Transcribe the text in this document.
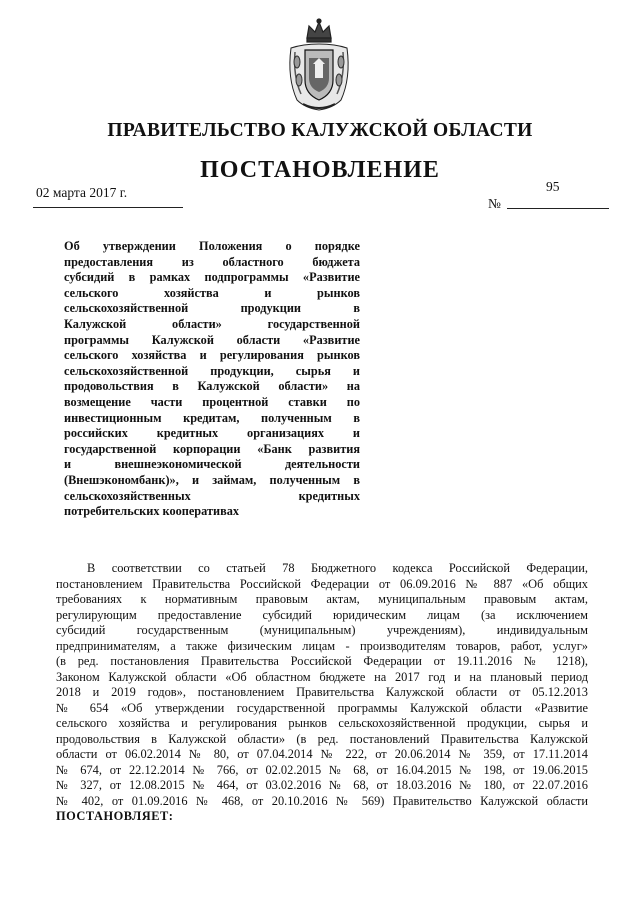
ПРАВИТЕЛЬСТВО КАЛУЖСКОЙ ОБЛАСТИ
ПОСТАНОВЛЕНИЕ
02 марта 2017 г.	95
№
Об утверждении Положения о порядке
предоставления из областного бюджета
субсидий в рамках подпрограммы «Развитие
сельского хозяйства и рынков
сельскохозяйственной продукции в
Калужской области» государственной
программы Калужской области «Развитие
сельского хозяйства и регулирования рынков
сельскохозяйственной продукции, сырья и
продовольствия в Калужской области» на
возмещение части процентной ставки по
инвестиционным кредитам, полученным в
российских кредитных организациях и
государственной корпорации «Банк развития
и внешнеэкономической деятельности
(Внешэкономбанк)», и займам, полученным в
сельскохозяйственных кредитных
потребительских кооперативах
В соответствии со статьей 78 Бюджетного кодекса Российской Федерации,
постановлением Правительства Российской Федерации от 06.09.2016 № 887 «Об общих
требованиях к нормативным правовым актам, муниципальным правовым актам,
регулирующим предоставление субсидий юридическим лицам (за исключением
субсидий государственным (муниципальным) учреждениям), индивидуальным
предпринимателям, а также физическим лицам - производителям товаров, работ, услуг»
(в ред. постановления Правительства Российской Федерации от 19.11.2016 № 1218),
Законом Калужской области «Об областном бюджете на 2017 год и на плановый период
2018 и 2019 годов», постановлением Правительства Калужской области от 05.12.2013
№ 654 «Об утверждении государственной программы Калужской области «Развитие
сельского хозяйства и регулирования рынков сельскохозяйственной продукции, сырья и
продовольствия в Калужской области» (в ред. постановлений Правительства Калужской
области от 06.02.2014 № 80, от 07.04.2014 № 222, от 20.06.2014 № 359, от 17.11.2014
№ 674, от 22.12.2014 № 766, от 02.02.2015 № 68, от 16.04.2015 № 198, от 19.06.2015
№ 327, от 12.08.2015 № 464, от 03.02.2016 № 68, от 18.03.2016 № 180, от 22.07.2016
№ 402, от 01.09.2016 № 468, от 20.10.2016 № 569) Правительство Калужской области
ПОСТАНОВЛЯЕТ:
